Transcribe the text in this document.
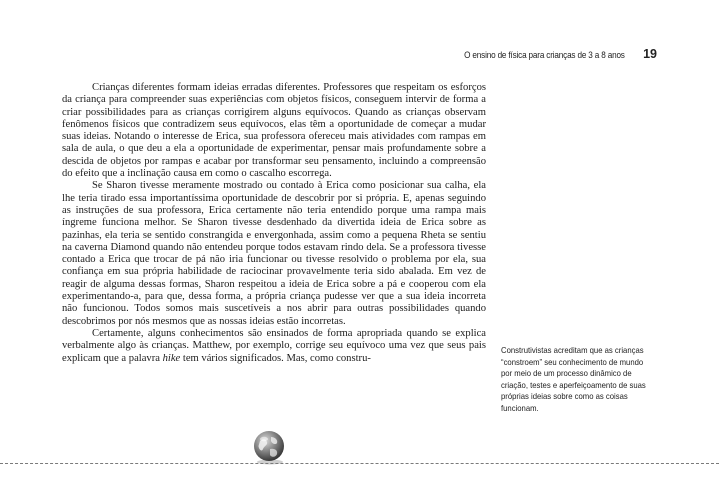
O ensino de física para crianças de 3 a 8 anos 19

Crianças diferentes formam ideias erradas diferentes. Professores que respeitam os esforços da criança para compreender suas experiências com objetos físicos, conseguem intervir de forma a criar possibilidades para as crianças corrigirem alguns equívocos. Quando as crianças observam fenômenos físicos que contradizem seus equívocos, elas têm a oportunidade de começar a mudar suas ideias. Notando o interesse de Erica, sua professora ofereceu mais atividades com rampas em sala de aula, o que deu a ela a oportunidade de experimentar, pensar mais profundamente sobre a descida de objetos por rampas e acabar por transformar seu pensamento, incluindo a compreensão do efeito que a inclinação causa em como o cascalho escorrega.

Se Sharon tivesse meramente mostrado ou contado à Erica como posicionar sua calha, ela lhe teria tirado essa importantíssima oportunidade de descobrir por si própria. E, apenas seguindo as instruções de sua professora, Erica certamente não teria entendido porque uma rampa mais íngreme funciona melhor. Se Sharon tivesse desdenhado da divertida ideia de Erica sobre as pazinhas, ela teria se sentido constrangida e envergonhada, assim como a pequena Rheta se sentiu na caverna Diamond quando não entendeu porque todos estavam rindo dela. Se a professora tivesse contado a Erica que trocar de pá não iria funcionar ou tivesse resolvido o problema por ela, sua confiança em sua própria habilidade de raciocinar provavelmente teria sido abalada. Em vez de reagir de alguma dessas formas, Sharon respeitou a ideia de Erica sobre a pá e cooperou com ela experimentando-a, para que, dessa forma, a própria criança pudesse ver que a sua ideia incorreta não funcionou. Todos somos mais suscetíveis a nos abrir para outras possibilidades quando descobrimos por nós mesmos que as nossas ideias estão incorretas.

Certamente, alguns conhecimentos são ensinados de forma apropriada quando se explica verbalmente algo às crianças. Matthew, por exemplo, corrige seu equívoco uma vez que seus pais explicam que a palavra hike tem vários significados. Mas, como constru-

Construtivistas acreditam que as crianças “constroem” seu conhecimento de mundo por meio de um processo dinâmico de criação, testes e aperfeiçoamento de suas próprias ideias sobre como as coisas funcionam.
